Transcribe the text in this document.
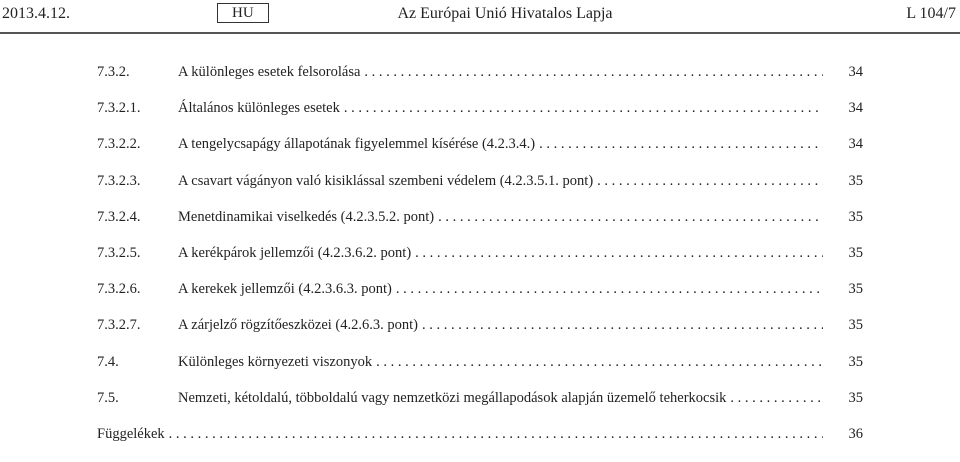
2013.4.12.	Az Európai Unió Hivatalos Lapja
HU	L 104/7
7.3.2.	A különleges esetek felsorolása . . .	34
7.3.2.1.	Általános különleges esetek . . .	34
7.3.2.2.	A tengelycsapágy állapotának figyelemmel kísérése (4.2.3.4.) . . .	34
7.3.2.3.	A csavart vágányon való kisiklással szembeni védelem (4.2.3.5.1. pont) . . .	35
7.3.2.4.	Menetdinamikai viselkedés (4.2.3.5.2. pont) . . .	35
7.3.2.5.	A kerékpárok jellemzői (4.2.3.6.2. pont) . . .	35
7.3.2.6.	A kerekek jellemzői (4.2.3.6.3. pont) . . .	35
7.3.2.7.	A zárjelző rögzítőeszközei (4.2.6.3. pont) . . .	35
7.4.	Különleges környezeti viszonyok . . .	35
7.5.	Nemzeti, kétoldalú, többoldalú vagy nemzetközi megállapodások alapján üzemelő teherkocsik . . .	35
Függelékek . . .	36
